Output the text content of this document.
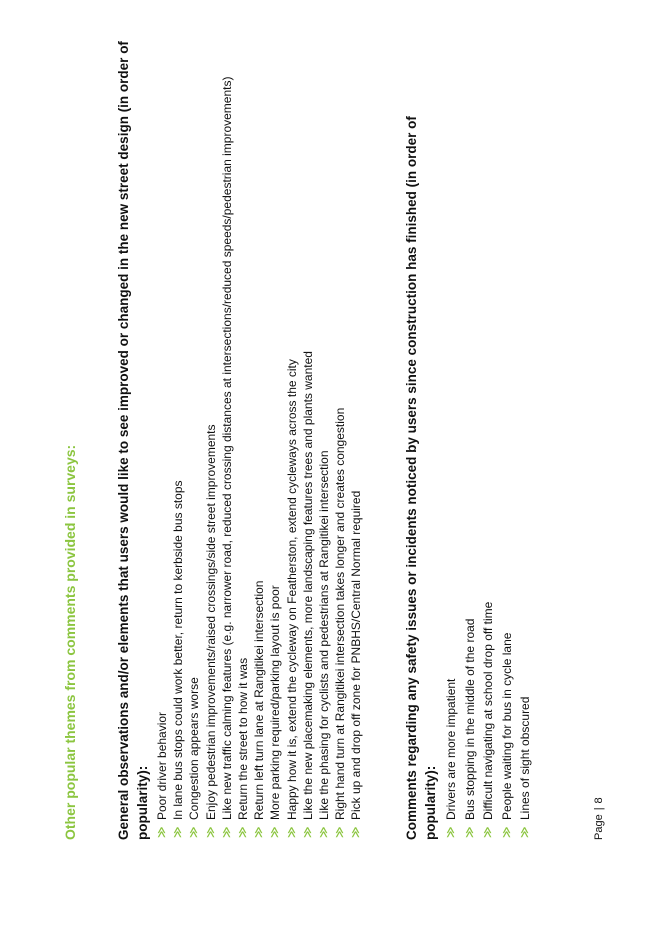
Other popular themes from comments provided in surveys:	General observations and/or elements that users would like to see improved or changed in the new street design (in order of popularity): ≫
Poor driver behavior
≫
In lane bus stops could work better, return to kerbside bus stops
≫
Congestion appears worse
≫
Enjoy pedestrian improvements/raised crossings/side street improvements
≫
Like new traffic calming features (e.g. narrower road, reduced crossing distances at intersections/reduced speeds/pedestrian improvements)
≫
Return the street to how it was
≫
Return left turn lane at Rangitikei intersection
≫
More parking required/parking layout is poor
≫
Happy how it is, extend the cycleway on Featherston, extend cycleways across the city
≫
Like the new placemaking elements, more landscaping features trees and plants wanted
≫
Like the phasing for cyclists and pedestrians at Rangitikei intersection
≫
Right hand turn at Rangitikei intersection takes longer and creates congestion
≫
Pick up and drop off zone for PNBHS/Central Normal required	Comments regarding any safety issues or incidents noticed by users since construction has finished (in order of popularity): ≫
Drivers are more impatient
≫
Bus stopping in the middle of the road
≫
Difficult navigating at school drop off time
≫
People waiting for bus in cycle lane
≫
Lines of sight obscured
Page|8
